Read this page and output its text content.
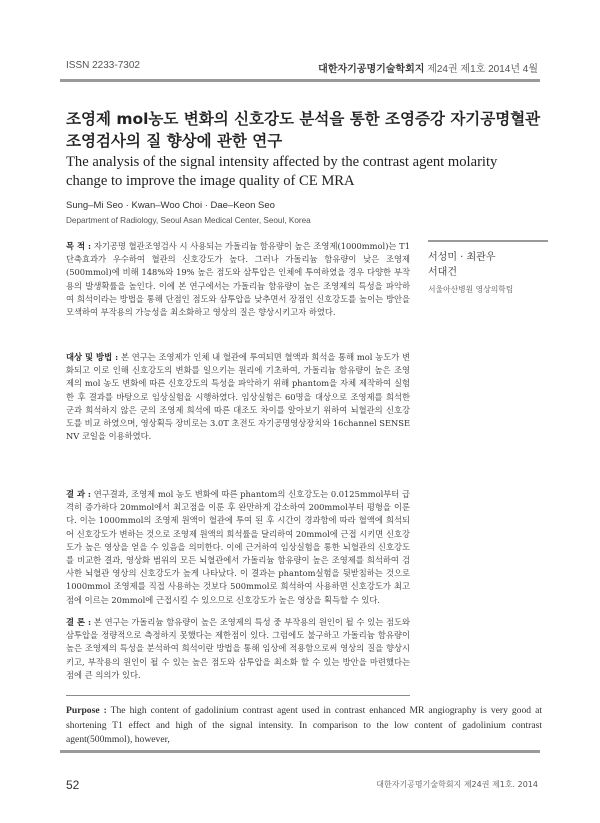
ISSN 2233-7302	대한자기공명기술학회지 제24권 제1호 2014년 4월
조영제 mol농도 변화의 신호강도 분석을 통한 조영증강 자기공명혈관조영검사의 질 향상에 관한 연구
The analysis of the signal intensity affected by the contrast agent molarity change to improve the image quality of CE MRA
Sung–Mi Seo · Kwan–Woo Choi · Dae–Keon Seo
Department of Radiology, Seoul Asan Medical Center, Seoul, Korea
목 적 : 자기공명 혈관조영검사 시 사용되는 가돌리늄 함유량이 높은 조영제(1000mmol)는 T1 단축효과가 우수하여 혈관의 신호강도가 높다. 그러나 가돌리늄 함유량이 낮은 조영제(500mmol)에 비해 148%와 19% 높은 점도와 삼투압은 인체에 투여하였을 경우 다양한 부작용의 발생확률을 높인다. 이에 본 연구에서는 가돌리늄 함유량이 높은 조영제의 특성을 파악하여 희석이라는 방법을 통해 단점인 점도와 삼투압을 낮추면서 장점인 신호강도를 높이는 방안을 모색하여 부작용의 가능성을 최소화하고 영상의 질은 향상시키고자 하였다.
대상 및 방법 : 본 연구는 조영제가 인체 내 혈관에 투여되면 혈액과 희석을 통해 mol 농도가 변화되고 이로 인해 신호강도의 변화를 일으키는 원리에 기초하여, 가돌리늄 함유량이 높은 조영제의 mol 농도 변화에 따른 신호강도의 특성을 파악하기 위해 phantom을 자체 제작하여 실험한 후 결과를 바탕으로 임상실험을 시행하였다. 임상실험은 60명을 대상으로 조영제를 희석한 군과 희석하지 않은 군의 조영제 희석에 따른 대조도 차이를 알아보기 위하여 뇌혈관의 신호강도를 비교 하였으며, 영상획득 장비로는 3.0T 초전도 자기공명영상장치와 16channel SENSE NV 코일을 이용하였다.
결 과 : 연구결과, 조영제 mol 농도 변화에 따른 phantom의 신호강도는 0.0125mmol부터 급격히 증가하다 20mmol에서 최고점을 이룬 후 완만하게 감소하여 200mmol부터 평형을 이룬다. 이는 1000mmol의 조영제 원액이 혈관에 투여 된 후 시간이 경과함에 따라 혈액에 희석되어 신호강도가 변하는 것으로 조영제 원액의 희석률을 달리하여 20mmol에 근접 시키면 신호강도가 높은 영상을 얻을 수 있음을 의미한다. 이에 근거하여 임상실험을 통한 뇌혈관의 신호강도를 비교한 결과, 영상화 범위의 모든 뇌혈관에서 가돌리늄 함유량이 높은 조영제를 희석하여 검사한 뇌혈관 영상의 신호강도가 높게 나타났다. 이 결과는 phantom실험을 뒷받침하는 것으로 1000mmol 조영제를 직접 사용하는 것보다 500mmol로 희석하여 사용하면 신호강도가 최고점에 이르는 20mmol에 근접시킬 수 있으므로 신호강도가 높은 영상을 획득할 수 있다.
결 론 : 본 연구는 가돌리늄 함유량이 높은 조영제의 특성 중 부작용의 원인이 될 수 있는 점도와 삼투압을 정량적으로 측정하지 못했다는 제한점이 있다. 그럼에도 불구하고 가돌리늄 함유량이 높은 조영제의 특성을 분석하여 희석이란 방법을 통해 임상에 적용함으로써 영상의 질을 향상시키고, 부작용의 원인이 될 수 있는 높은 점도와 삼투압을 최소화 할 수 있는 방안을 마련했다는 점에 큰 의의가 있다.
서성미 · 최관우
서대건
서울아산병원 영상의학팀
Purpose : The high content of gadolinium contrast agent used in contrast enhanced MR angiography is very good at shortening T1 effect and high of the signal intensity. In comparison to the low content of gadolinium contrast agent(500mmol), however,
52	대한자기공명기술학회지 제24권 제1호. 2014
